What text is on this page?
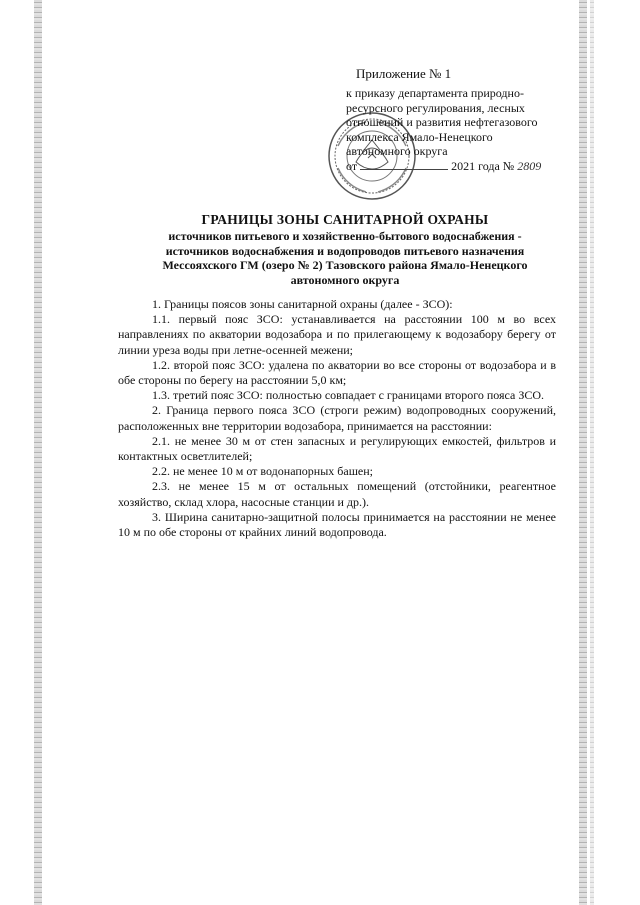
Приложение № 1
к приказу департамента природно-
ресурсного регулирования, лесных
отношений и развития нефтегазового
комплекса Ямало-Ненецкого
автономного округа
от	2021 года № 2809
ГРАНИЦЫ ЗОНЫ САНИТАРНОЙ ОХРАНЫ
источников питьевого и хозяйственно-бытового водоснабжения -
источников водоснабжения и водопроводов питьевого назначения
Мессояхского ГМ (озеро № 2) Тазовского района Ямало-Ненецкого
автономного округа

1. Границы поясов зоны санитарной охраны (далее - ЗСО):

1.1. первый пояс ЗСО: устанавливается на расстоянии 100 м во всех направлениях по акватории водозабора и по прилегающему к водозабору берегу от линии уреза воды при летне-осенней межени;

1.2. второй пояс ЗСО: удалена по акватории во все стороны от водозабора и в обе стороны по берегу на расстоянии 5,0 км;

1.3. третий пояс ЗСО: полностью совпадает с границами второго пояса ЗСО.

2. Граница первого пояса ЗСО (строги режим) водопроводных сооружений, расположенных вне территории водозабора, принимается на расстоянии:

2.1. не менее 30 м от стен запасных и регулирующих емкостей, фильтров и контактных осветлителей;

2.2. не менее 10 м от водонапорных башен;

2.3. не менее 15 м от остальных помещений (отстойники, реагентное хозяйство, склад хлора, насосные станции и др.).

3. Ширина санитарно-защитной полосы принимается на расстоянии не менее 10 м по обе стороны от крайних линий водопровода.
